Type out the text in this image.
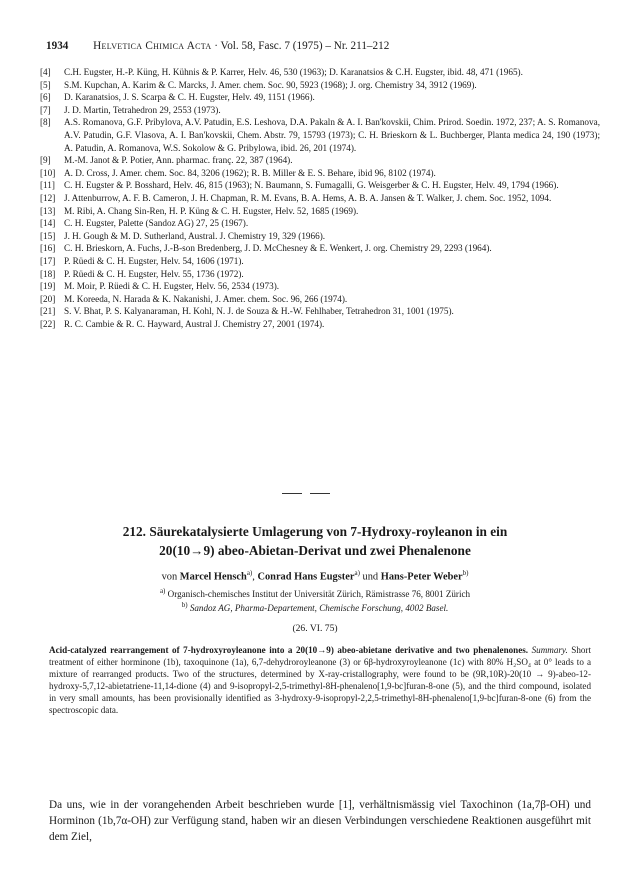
1934 Helvetica Chimica Acta · Vol. 58, Fasc. 7 (1975) – Nr. 211–212
[4]	C.H. Eugster, H.-P. Küng, H. Kühnis & P. Karrer, Helv. 46, 530 (1963); D. Karanatsios & C.H. Eugster, ibid. 48, 471 (1965).
[5]	S.M. Kupchan, A. Karim & C. Marcks, J. Amer. chem. Soc. 90, 5923 (1968); J. org. Chemistry 34, 3912 (1969).
[6]	D. Karanatsios, J. S. Scarpa & C. H. Eugster, Helv. 49, 1151 (1966).
[7]	J. D. Martin, Tetrahedron 29, 2553 (1973).
[8]	A.S. Romanova, G.F. Pribylova, A.V. Patudin, E.S. Leshova, D.A. Pakaln & A. I. Ban'kovskii, Chim. Prirod. Soedin. 1972, 237; A. S. Romanova, A.V. Patudin, G.F. Vlasova, A. I. Ban'kovskii, Chem. Abstr. 79, 15793 (1973); C. H. Brieskorn & L. Buchberger, Planta medica 24, 190 (1973); A. Patudin, A. Romanova, W.S. Sokolow & G. Pribylowa, ibid. 26, 201 (1974).
[9]	M.-M. Janot & P. Potier, Ann. pharmac. franç. 22, 387 (1964).
[10] A. D. Cross, J. Amer. chem. Soc. 84, 3206 (1962); R. B. Miller & E. S. Behare, ibid 96, 8102 (1974).
[11] C. H. Eugster & P. Bosshard, Helv. 46, 815 (1963); N. Baumann, S. Fumagalli, G. Weisgerber & C. H. Eugster, Helv. 49, 1794 (1966).
[12] J. Attenburrow, A. F. B. Cameron, J. H. Chapman, R. M. Evans, B. A. Hems, A. B. A. Jansen & T. Walker, J. chem. Soc. 1952, 1094.
[13] M. Ribi, A. Chang Sin-Ren, H. P. Küng & C. H. Eugster, Helv. 52, 1685 (1969).
[14] C. H. Eugster, Palette (Sandoz AG) 27, 25 (1967).
[15] J. H. Gough & M. D. Sutherland, Austral. J. Chemistry 19, 329 (1966).
[16] C. H. Brieskorn, A. Fuchs, J.-B-son Bredenberg, J. D. McChesney & E. Wenkert, J. org. Chemistry 29, 2293 (1964).
[17] P. Rüedi & C. H. Eugster, Helv. 54, 1606 (1971).
[18] P. Rüedi & C. H. Eugster, Helv. 55, 1736 (1972).
[19] M. Moir, P. Rüedi & C. H. Eugster, Helv. 56, 2534 (1973).
[20] M. Koreeda, N. Harada & K. Nakanishi, J. Amer. chem. Soc. 96, 266 (1974).
[21] S. V. Bhat, P. S. Kalyanaraman, H. Kohl, N. J. de Souza & H.-W. Fehlhaber, Tetrahedron 31, 1001 (1975).
[22] R. C. Cambie & R. C. Hayward, Austral J. Chemistry 27, 2001 (1974).
212. Säurekatalysierte Umlagerung von 7-Hydroxy-royleanon in ein
20(10→9) abeo-Abietan-Derivat und zwei Phenalenone
von Marcel Hensch$^{a)}$, Conrad Hans Eugster$^{a)}$ und Hans-Peter Weber$^{b)}$
$^{a)}$ Organisch-chemisches Institut der Universität Zürich, Rämistrasse 76, 8001 Zürich
$^{b)}$ Sandoz AG, Pharma-Departement, Chemische Forschung, 4002 Basel.
(26. VI. 75)
Acid-catalyzed rearrangement of 7-hydroxyroyleanone into a 20(10→9) abeo-abietane derivative and two phenalenones. Summary. Short treatment of either horminone (1b), taxoquinone (1a), 6,7-dehydroroyleanone (3) or 6β-hydroxyroyleanone (1c) with 80% H₂SO₄ at 0° leads to a mixture of rearranged products. Two of the structures, determined by X-ray-cristallography, were found to be (9R,10R)-20(10 → 9)-abeo-12-hydroxy-5,7,12-abietatriene-11,14-dione (4) and 9-isopropyl-2,5-trimethyl-8H-phenaleno[1,9-bc]furan-8-one (5), and the third compound, isolated in very small amounts, has been provisionally identified as 3-hydroxy-9-isopropyl-2,2,5-trimethyl-8H-phenaleno[1,9-bc]furan-8-one (6) from the spectroscopic data.
Da uns, wie in der vorangehenden Arbeit beschrieben wurde [1], verhältnismässig viel Taxochinon (1a,7β-OH) und Horminon (1b,7α-OH) zur Verfügung stand, haben wir an diesen Verbindungen verschiedene Reaktionen ausgeführt mit dem Ziel,
